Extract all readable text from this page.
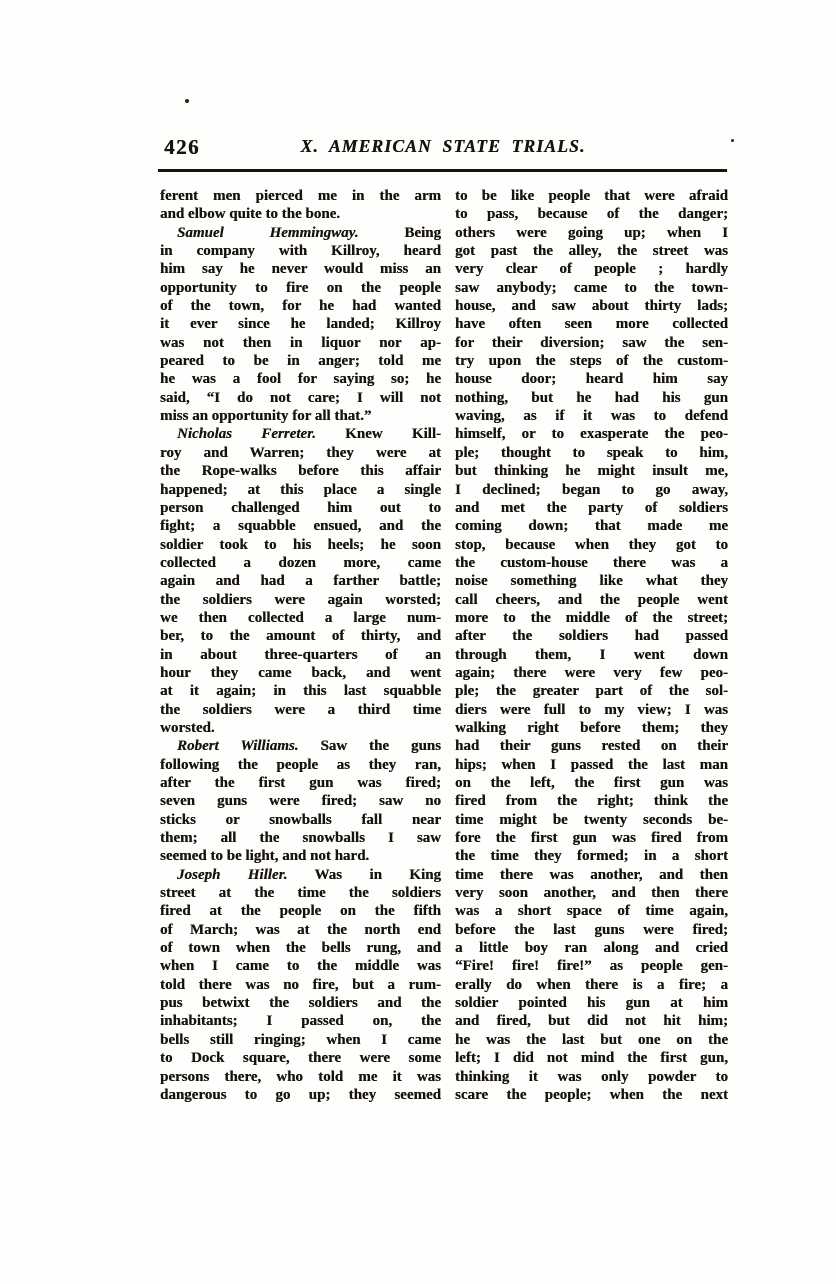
426	X. AMERICAN STATE TRIALS.
ferent men pierced me in the arm
and elbow quite to the bone.
Samuel Hemmingway. Being
in company with Killroy, heard
him say he never would miss an
opportunity to fire on the people
of the town, for he had wanted
it ever since he landed; Killroy
was not then in liquor nor ap-
peared to be in anger; told me
he was a fool for saying so; he
said, “I do not care; I will not
miss an opportunity for all that.”
Nicholas Ferreter. Knew Kill-
roy and Warren; they were at
the Rope-walks before this affair
happened; at this place a single
person challenged him out to
fight; a squabble ensued, and the
soldier took to his heels; he soon
collected a dozen more, came
again and had a farther battle;
the soldiers were again worsted;
we then collected a large num-
ber, to the amount of thirty, and
in about three-quarters of an
hour they came back, and went
at it again; in this last squabble
the soldiers were a third time
worsted.
Robert Williams. Saw the guns
following the people as they ran,
after the first gun was fired;
seven guns were fired; saw no
sticks or snowballs fall near
them; all the snowballs I saw
seemed to be light, and not hard.
Joseph Hiller. Was in King
street at the time the soldiers
fired at the people on the fifth
of March; was at the north end
of town when the bells rung, and
when I came to the middle was
told there was no fire, but a rum-
pus betwixt the soldiers and the
inhabitants; I passed on, the
bells still ringing; when I came
to Dock square, there were some
persons there, who told me it was
dangerous to go up; they seemed
to be like people that were afraid
to pass, because of the danger;
others were going up; when I
got past the alley, the street was
very clear of people ; hardly
saw anybody; came to the town-
house, and saw about thirty lads;
have often seen more collected
for their diversion; saw the sen-
try upon the steps of the custom-
house door; heard him say
nothing, but he had his gun
waving, as if it was to defend
himself, or to exasperate the peo-
ple; thought to speak to him,
but thinking he might insult me,
I declined; began to go away,
and met the party of soldiers
coming down; that made me
stop, because when they got to
the custom-house there was a
noise something like what they
call cheers, and the people went
more to the middle of the street;
after the soldiers had passed
through them, I went down
again; there were very few peo-
ple; the greater part of the sol-
diers were full to my view; I was
walking right before them; they
had their guns rested on their
hips; when I passed the last man
on the left, the first gun was
fired from the right; think the
time might be twenty seconds be-
fore the first gun was fired from
the time they formed; in a short
time there was another, and then
very soon another, and then there
was a short space of time again,
before the last guns were fired;
a little boy ran along and cried
“Fire! fire! fire!” as people gen-
erally do when there is a fire; a
soldier pointed his gun at him
and fired, but did not hit him;
he was the last but one on the
left; I did not mind the first gun,
thinking it was only powder to
scare the people; when the next
